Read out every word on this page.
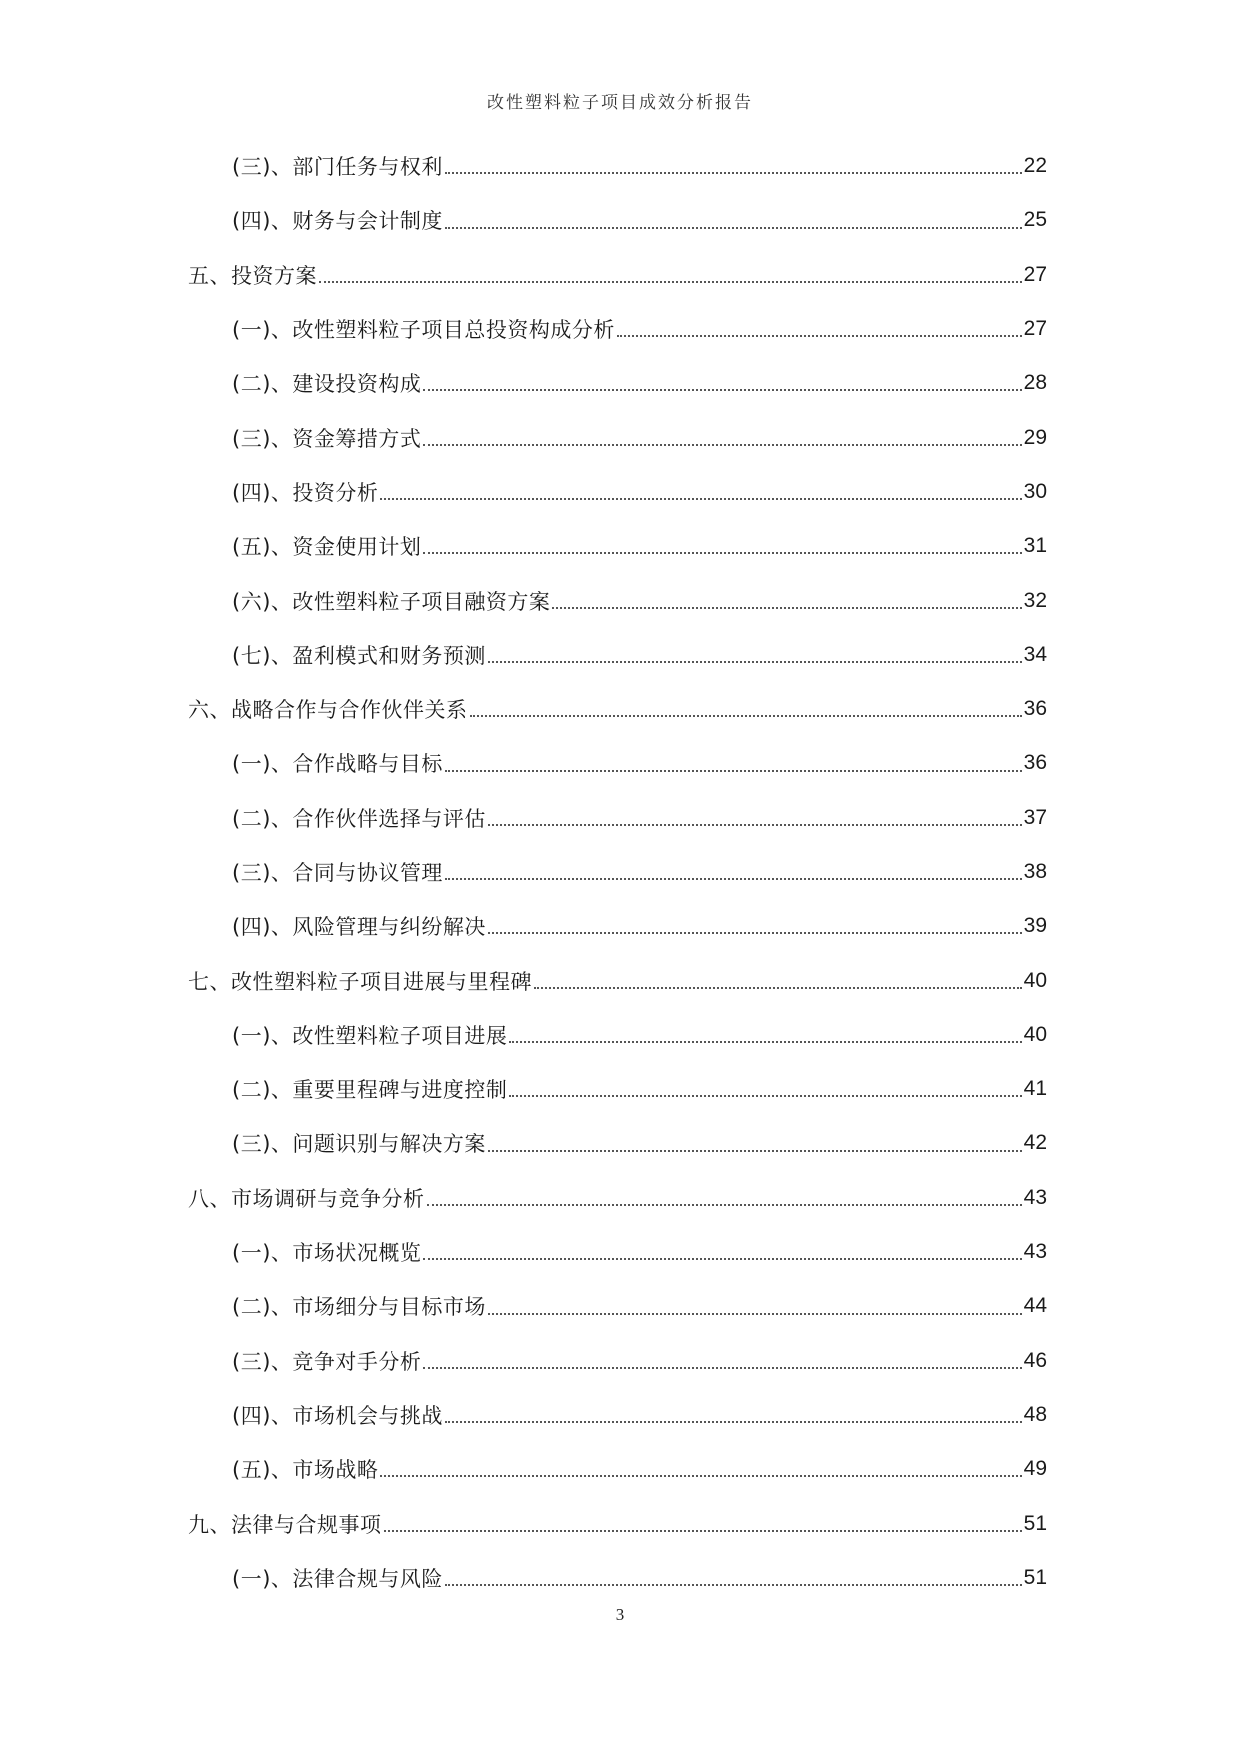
改性塑料粒子项目成效分析报告
(三)、部门任务与权利	22
(四)、财务与会计制度	25
五、投资方案	27
(一)、改性塑料粒子项目总投资构成分析	27
(二)、建设投资构成	28
(三)、资金筹措方式	29
(四)、投资分析	30
(五)、资金使用计划	31
(六)、改性塑料粒子项目融资方案	32
(七)、盈利模式和财务预测	34
六、战略合作与合作伙伴关系	36
(一)、合作战略与目标	36
(二)、合作伙伴选择与评估	37
(三)、合同与协议管理	38
(四)、风险管理与纠纷解决	39
七、改性塑料粒子项目进展与里程碑	40
(一)、改性塑料粒子项目进展	40
(二)、重要里程碑与进度控制	41
(三)、问题识别与解决方案	42
八、市场调研与竞争分析	43
(一)、市场状况概览	43
(二)、市场细分与目标市场	44
(三)、竞争对手分析	46
(四)、市场机会与挑战	48
(五)、市场战略	49
九、法律与合规事项	51
(一)、法律合规与风险	51
3
